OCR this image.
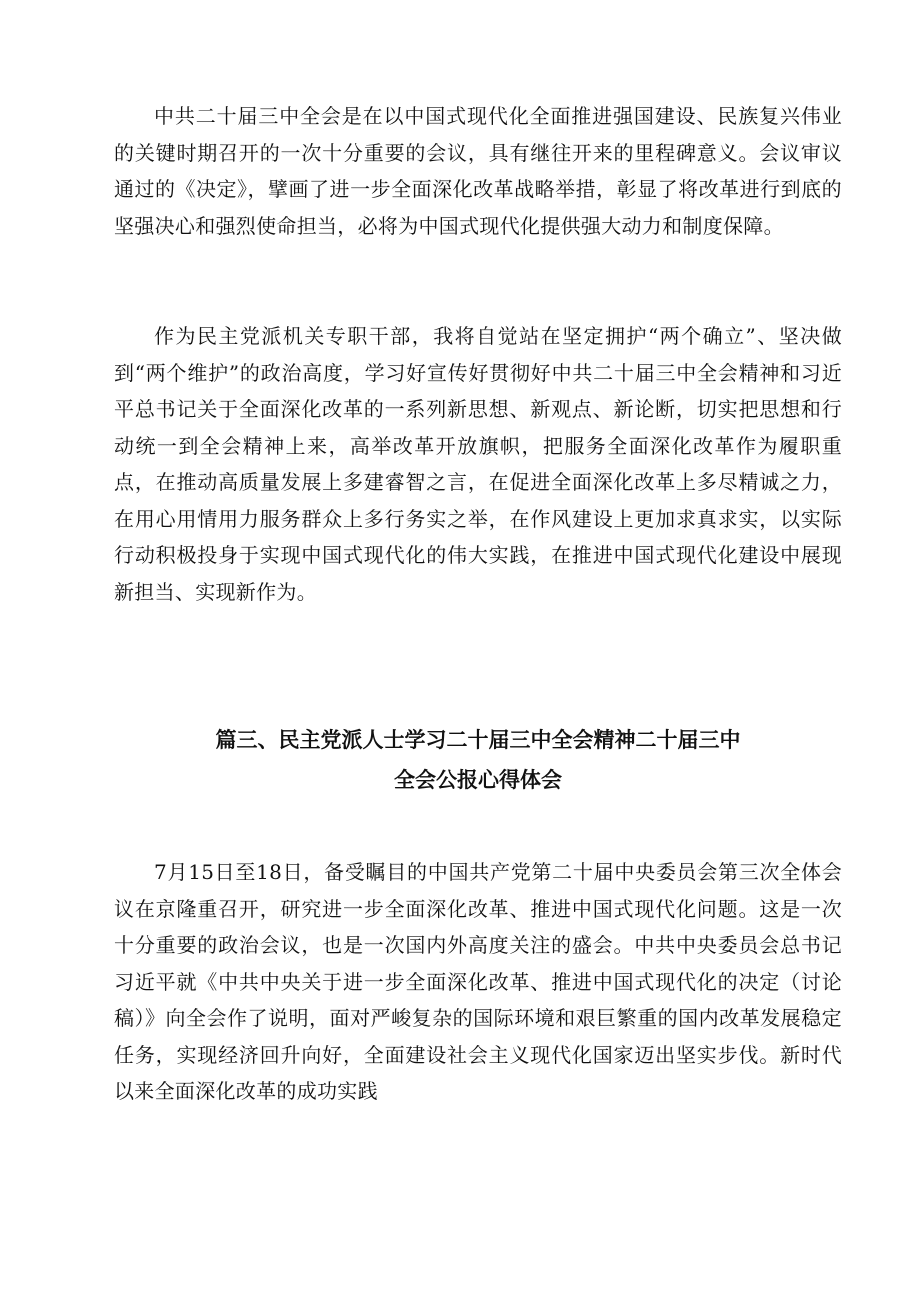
中共二十届三中全会是在以中国式现代化全面推进强国建设、民族复兴伟业的关键时期召开的一次十分重要的会议，具有继往开来的里程碑意义。会议审议通过的《决定》，擘画了进一步全面深化改革战略举措，彰显了将改革进行到底的坚强决心和强烈使命担当，必将为中国式现代化提供强大动力和制度保障。

作为民主党派机关专职干部，我将自觉站在坚定拥护“两个确立”、坚决做到“两个维护”的政治高度，学习好宣传好贯彻好中共二十届三中全会精神和习近平总书记关于全面深化改革的一系列新思想、新观点、新论断，切实把思想和行动统一到全会精神上来，高举改革开放旗帜，把服务全面深化改革作为履职重点，在推动高质量发展上多建睿智之言，在促进全面深化改革上多尽精诚之力，在用心用情用力服务群众上多行务实之举，在作风建设上更加求真求实，以实际行动积极投身于实现中国式现代化的伟大实践，在推进中国式现代化建设中展现新担当、实现新作为。

篇三、民主党派人士学习二十届三中全会精神二十届三中
全会公报心得体会

7月15日至18日，备受瞩目的中国共产党第二十届中央委员会第三次全体会议在京隆重召开，研究进一步全面深化改革、推进中国式现代化问题。这是一次十分重要的政治会议，也是一次国内外高度关注的盛会。中共中央委员会总书记习近平就《中共中央关于进一步全面深化改革、推进中国式现代化的决定（讨论稿）》向全会作了说明，面对严峻复杂的国际环境和艰巨繁重的国内改革发展稳定任务，实现经济回升向好，全面建设社会主义现代化国家迈出坚实步伐。新时代以来全面深化改革的成功实践
